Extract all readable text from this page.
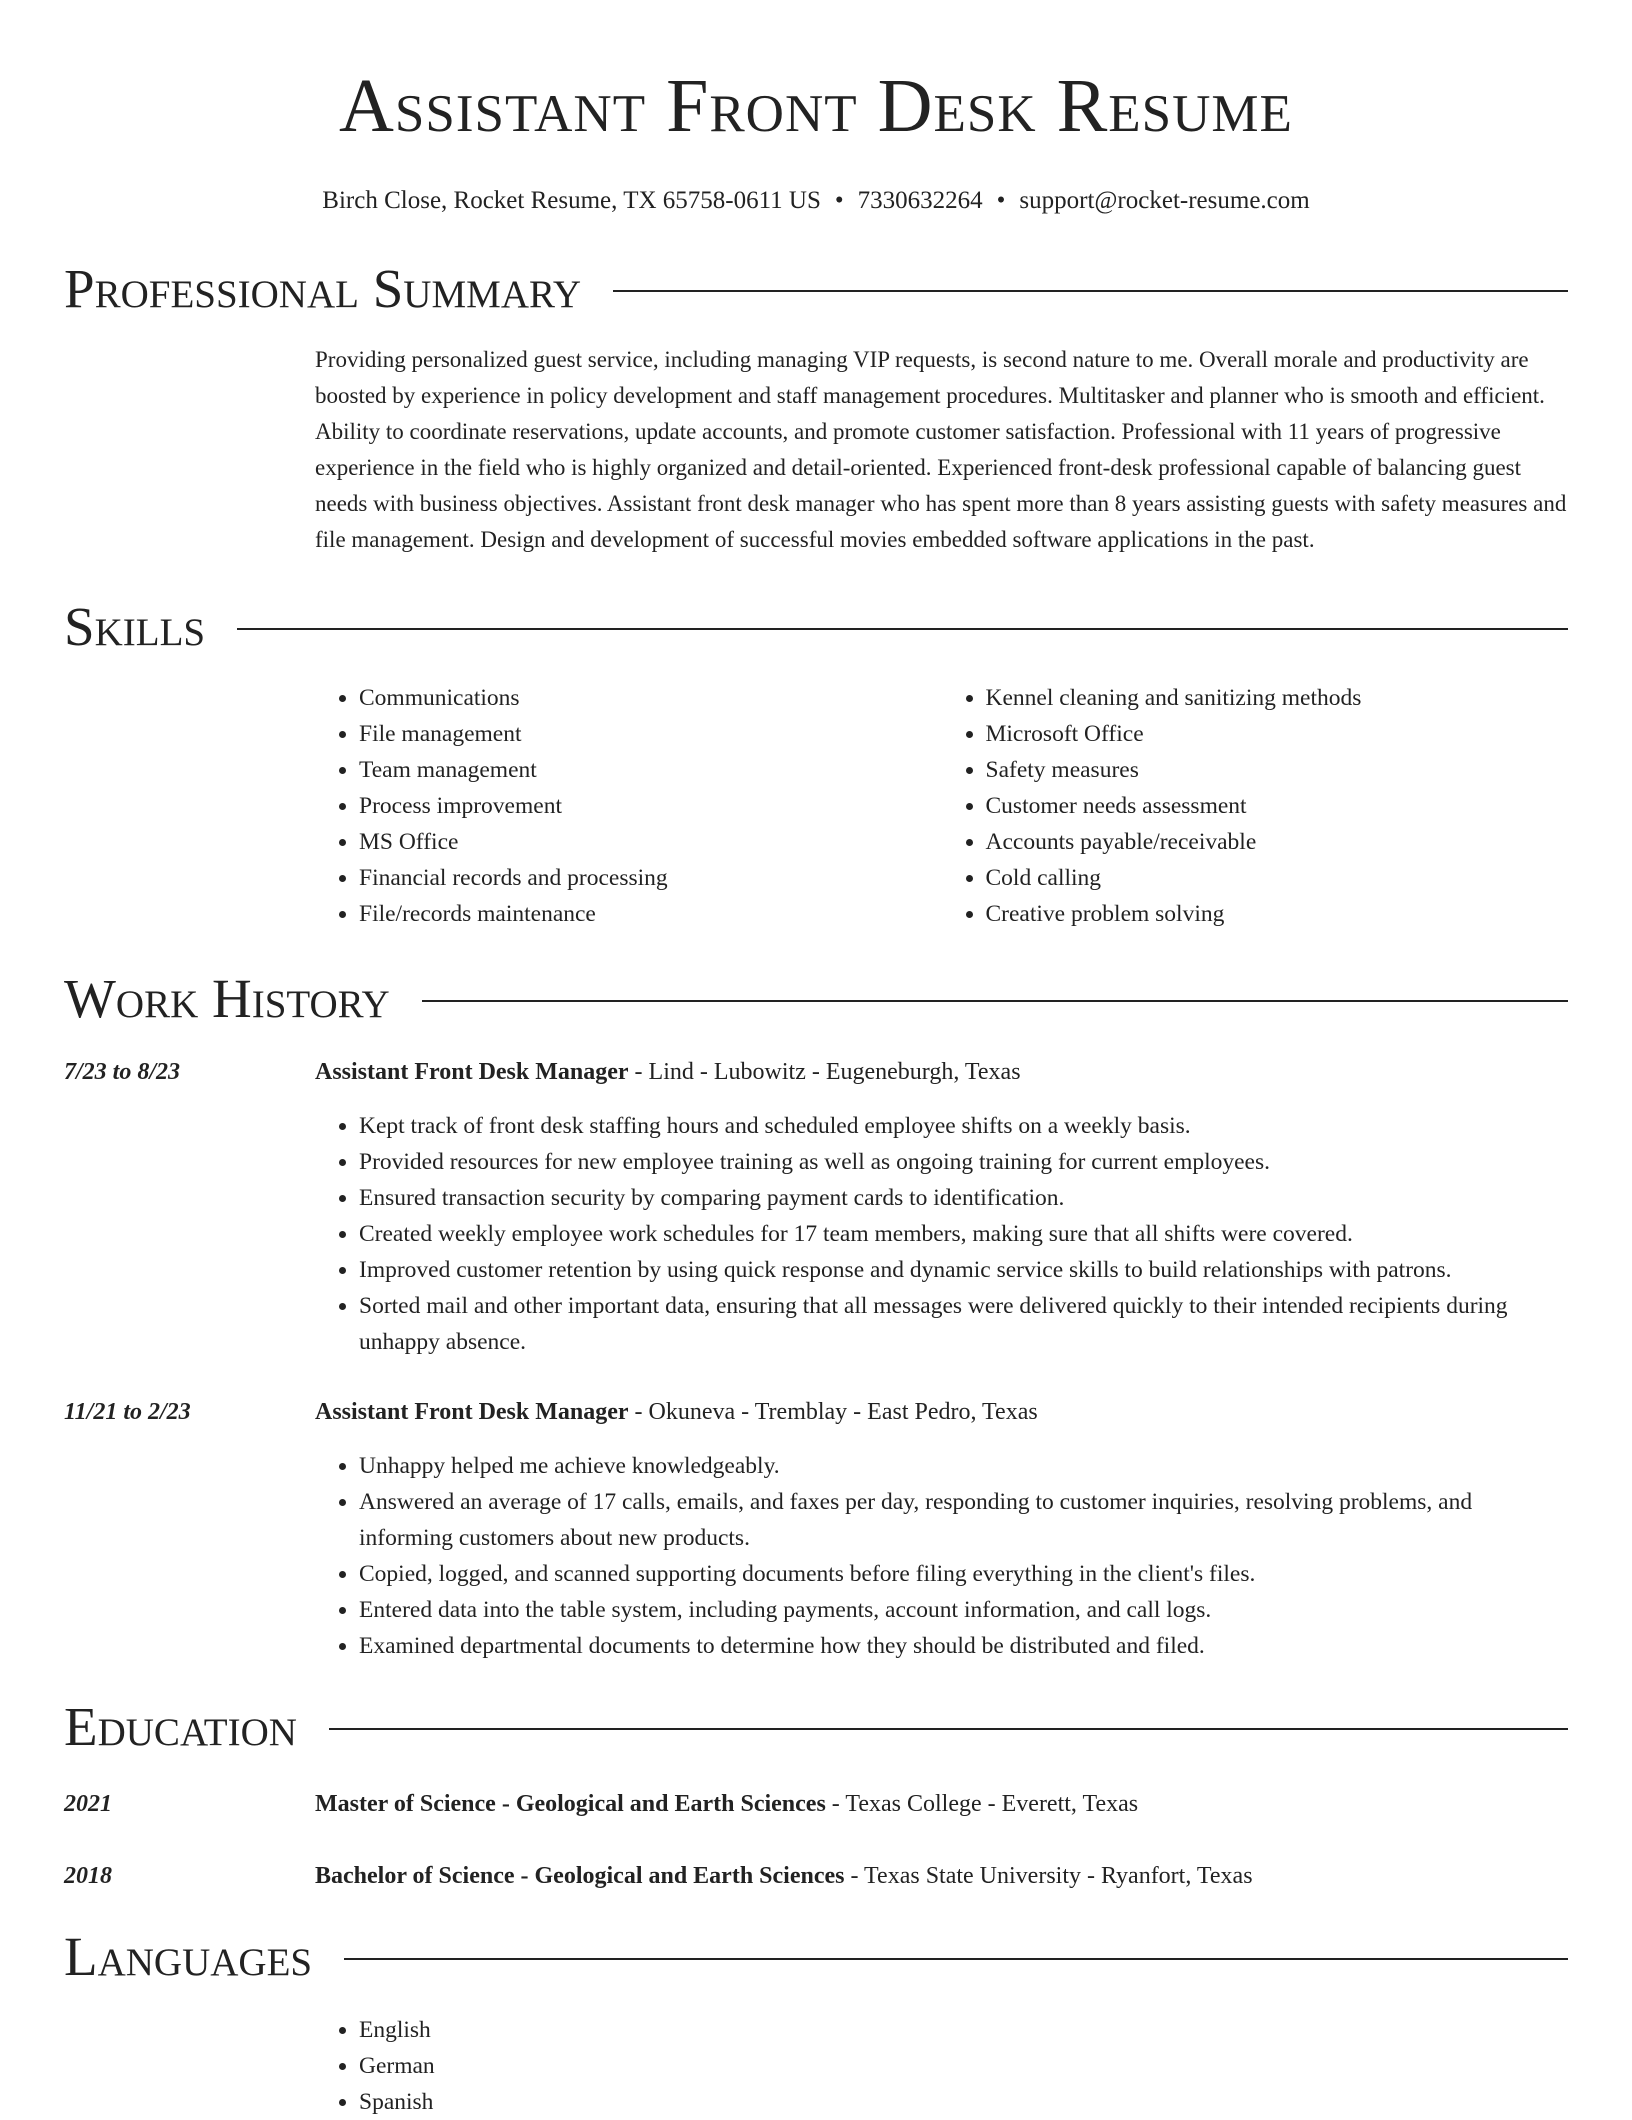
Assistant Front Desk Resume
Birch Close, Rocket Resume, TX 65758-0611 US • 7330632264 • support@rocket-resume.com
Professional Summary
Providing personalized guest service, including managing VIP requests, is second nature to me. Overall morale and productivity are boosted by experience in policy development and staff management procedures. Multitasker and planner who is smooth and efficient. Ability to coordinate reservations, update accounts, and promote customer satisfaction. Professional with 11 years of progressive experience in the field who is highly organized and detail-oriented. Experienced front-desk professional capable of balancing guest needs with business objectives. Assistant front desk manager who has spent more than 8 years assisting guests with safety measures and file management. Design and development of successful movies embedded software applications in the past.
Skills
• Communications
• File management
• Team management
• Process improvement
• MS Office
• Financial records and processing
• File/records maintenance
• Kennel cleaning and sanitizing methods
• Microsoft Office
• Safety measures
• Customer needs assessment
• Accounts payable/receivable
• Cold calling
• Creative problem solving
Work History
7/23 to 8/23	Assistant Front Desk Manager - Lind - Lubowitz - Eugeneburgh, Texas
• Kept track of front desk staffing hours and scheduled employee shifts on a weekly basis.
• Provided resources for new employee training as well as ongoing training for current employees.
• Ensured transaction security by comparing payment cards to identification.
• Created weekly employee work schedules for 17 team members, making sure that all shifts were covered.
• Improved customer retention by using quick response and dynamic service skills to build relationships with patrons.
• Sorted mail and other important data, ensuring that all messages were delivered quickly to their intended recipients during unhappy absence.
11/21 to 2/23	Assistant Front Desk Manager - Okuneva - Tremblay - East Pedro, Texas
• Unhappy helped me achieve knowledgeably.
• Answered an average of 17 calls, emails, and faxes per day, responding to customer inquiries, resolving problems, and informing customers about new products.
• Copied, logged, and scanned supporting documents before filing everything in the client's files.
• Entered data into the table system, including payments, account information, and call logs.
• Examined departmental documents to determine how they should be distributed and filed.
Education
2021	Master of Science - Geological and Earth Sciences - Texas College - Everett, Texas
2018	Bachelor of Science - Geological and Earth Sciences - Texas State University - Ryanfort, Texas
Languages
• English
• German
• Spanish
